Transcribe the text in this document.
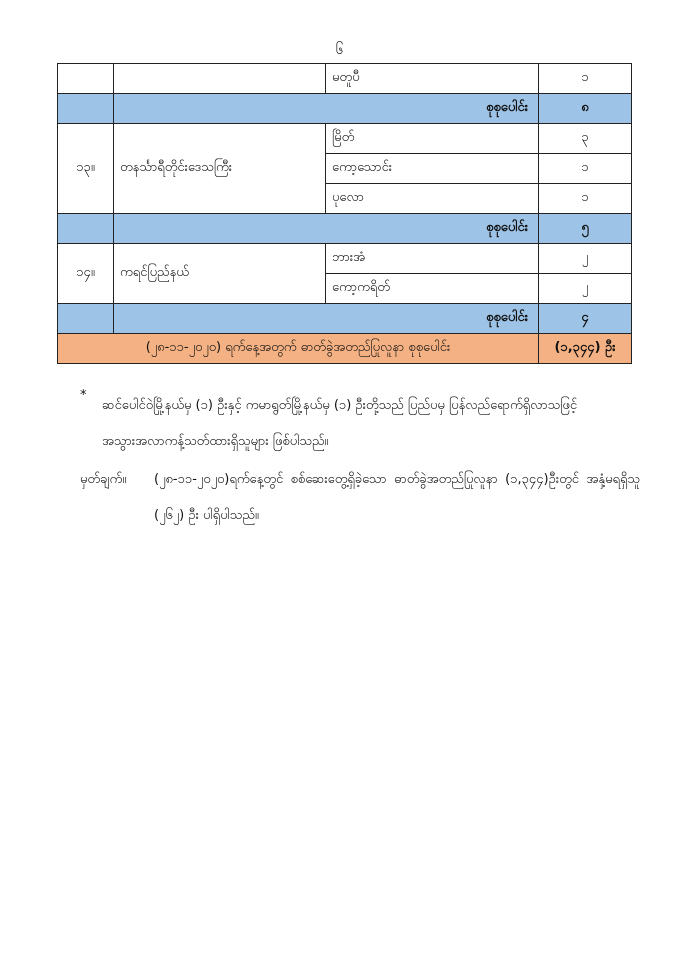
၆
		မတူပီ	၁
	စုစုပေါင်း		၈
၁၃။	တနင်္သာရီတိုင်းဒေသကြီး	မြိတ်	၃
		ကော့သောင်း	၁
		ပုလော	၁
	စုစုပေါင်း		၅
၁၄။	ကရင်ပြည်နယ်	ဘားအံ	၂
		ကော့ကရိတ်	၂
	စုစုပေါင်း		၄
(၂၈-၁၁-၂၀၂၀) ရက်နေ့အတွက် ဓာတ်ခွဲအတည်ပြုလူနာ စုစုပေါင်း			(၁,၃၄၄) ဦး
*
ဆင်ပေါင်ဝဲမြို့နယ်မှ (၁) ဦးနှင့် ကမာရွတ်မြို့နယ်မှ (၁) ဦးတို့သည် ပြည်ပမှ ပြန်လည်ရောက်ရှိလာသဖြင့် အသွားအလာကန့်သတ်ထားရှိသူများ ဖြစ်ပါသည်။
မှတ်ချက်။	(၂၈-၁၁-၂၀၂၀)ရက်နေ့တွင် စစ်ဆေးတွေ့ရှိခဲ့သော ဓာတ်ခွဲအတည်ပြုလူနာ (၁,၃၄၄)ဦးတွင် အနှံ့မရရှိသူ (၂၆၂) ဦး ပါရှိပါသည်။
